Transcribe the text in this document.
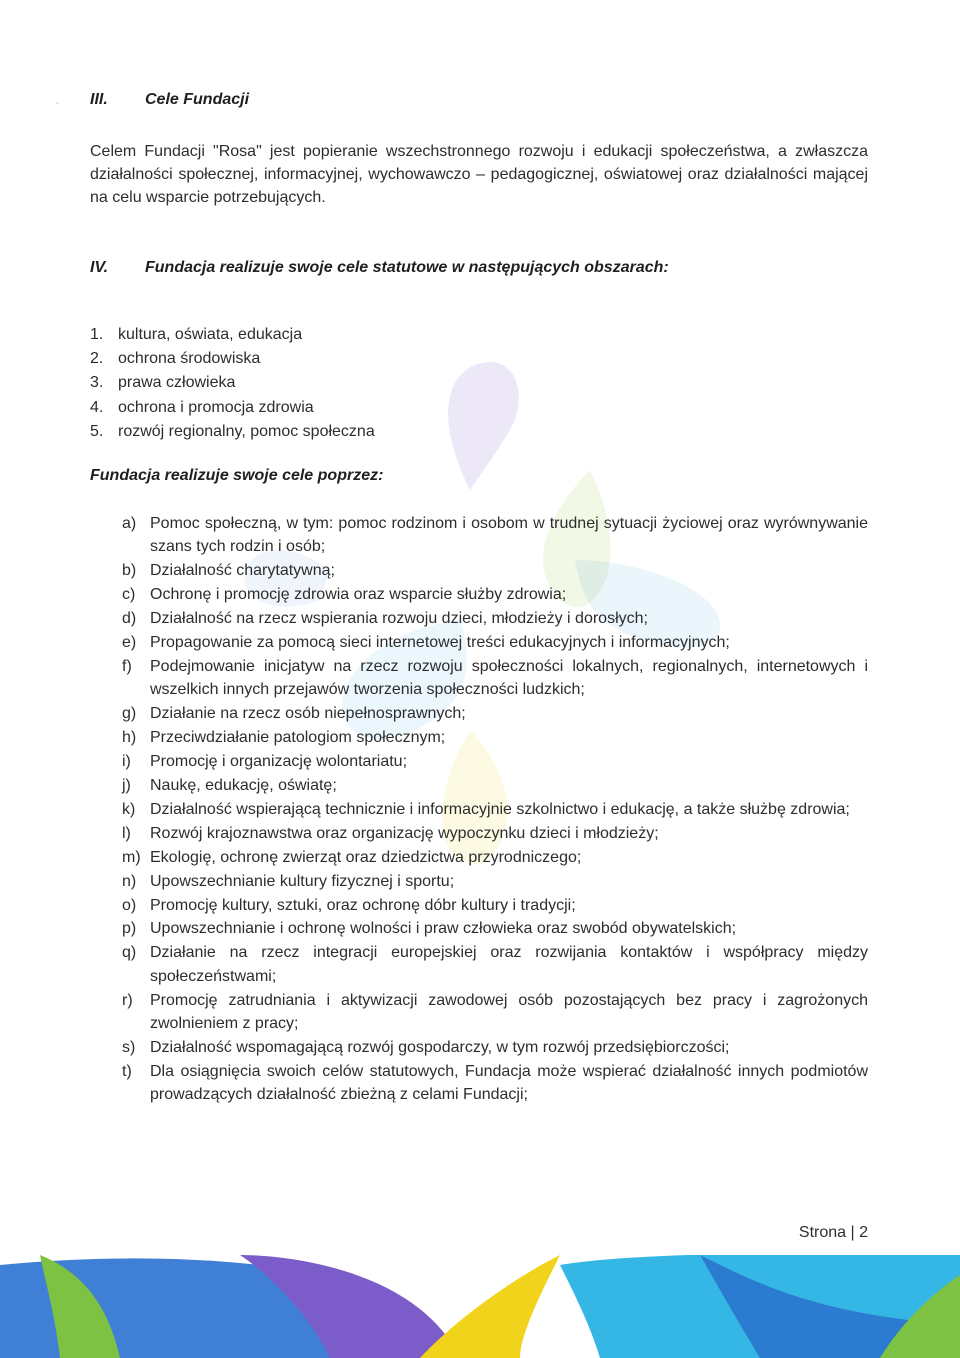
- III. Cele Fundacji
Celem Fundacji "Rosa" jest popieranie wszechstronnego rozwoju i edukacji społeczeństwa, a zwłaszcza działalności społecznej, informacyjnej, wychowawczo – pedagogicznej, oświatowej oraz działalności mającej na celu wsparcie potrzebujących.
IV. Fundacja realizuje swoje cele statutowe w następujących obszarach:
1. kultura, oświata, edukacja
2. ochrona środowiska
3. prawa człowieka
4. ochrona i promocja zdrowia
5. rozwój regionalny, pomoc społeczna
Fundacja realizuje swoje cele poprzez:
a) Pomoc społeczną, w tym: pomoc rodzinom i osobom w trudnej sytuacji życiowej oraz wyrównywanie szans tych rodzin i osób;
b) Działalność charytatywną;
c) Ochronę i promocję zdrowia oraz wsparcie służby zdrowia;
d) Działalność na rzecz wspierania rozwoju dzieci, młodzieży i dorosłych;
e) Propagowanie za pomocą sieci internetowej treści edukacyjnych i informacyjnych;
f)	Podejmowanie inicjatyw na rzecz rozwoju społeczności lokalnych, regionalnych, internetowych i wszelkich innych przejawów tworzenia społeczności ludzkich;
g) Działanie na rzecz osób niepełnosprawnych;
h) Przeciwdziałanie patologiom społecznym;
i)	Promocję i organizację wolontariatu;
j)	Naukę, edukację, oświatę;
k) Działalność wspierającą technicznie i informacyjnie szkolnictwo i edukację, a także służbę zdrowia;
l)	Rozwój krajoznawstwa oraz organizację wypoczynku dzieci i młodzieży;
m) Ekologię, ochronę zwierząt oraz dziedzictwa przyrodniczego;
n) Upowszechnianie kultury fizycznej i sportu;
o) Promocję kultury, sztuki, oraz ochronę dóbr kultury i tradycji;
p) Upowszechnianie i ochronę wolności i praw człowieka oraz swobód obywatelskich;
q) Działanie na rzecz integracji europejskiej oraz rozwijania kontaktów i współpracy między społeczeństwami;
r)	Promocję zatrudniania i aktywizacji zawodowej osób pozostających bez pracy i zagrożonych zwolnieniem z pracy;
s) Działalność wspomagającą rozwój gospodarczy, w tym rozwój przedsiębiorczości;
t)	Dla osiągnięcia swoich celów statutowych, Fundacja może wspierać działalność innych podmiotów prowadzących działalność zbieżną z celami Fundacji;
Strona | 2
